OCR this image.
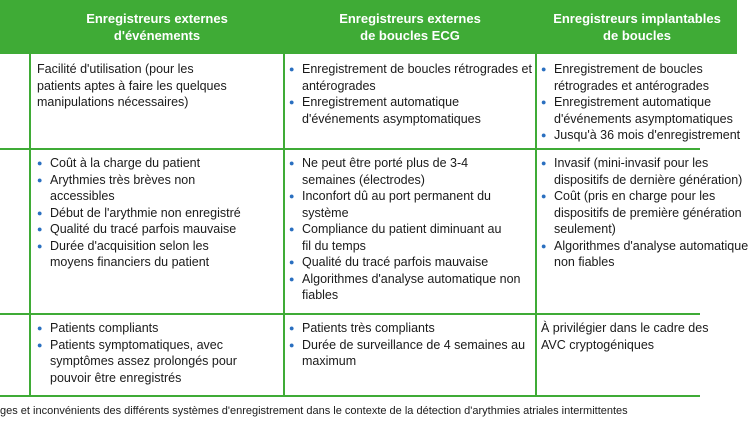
Enregistreurs externes
d'événements
Enregistreurs externes
de boucles ECG
Enregistreurs implantables
de boucles

Facilité d'utilisation (pour les patients aptes à faire les quelques manipulations nécessaires)

● Enregistrement de boucles rétrogrades et antérogrades
● Enregistrement automatique d'événements asymptomatiques
● Enregistrement de boucles rétrogrades et antérogrades
● Enregistrement automatique d'événements asymptomatiques
● Jusqu'à 36 mois d'enregistrement
● Coût à la charge du patient
● Arythmies très brèves non accessibles
● Début de l'arythmie non enregistré
● Qualité du tracé parfois mauvaise
● Durée d'acquisition selon les moyens financiers du patient
● Ne peut être porté plus de 3-4 semaines (électrodes)
● Inconfort dû au port permanent du système
● Compliance du patient diminuant au fil du temps
● Qualité du tracé parfois mauvaise
● Algorithmes d'analyse automatique non fiables
● Invasif (mini-invasif pour les dispositifs de dernière génération)
● Coût (pris en charge pour les dispositifs de première génération seulement)
● Algorithmes d'analyse automatique non fiables
● Patients compliants
● Patients symptomatiques, avec symptômes assez prolongés pour pouvoir être enregistrés
● Patients très compliants
● Durée de surveillance de 4 semaines au maximum

À privilégier dans le cadre des AVC cryptogéniques

ges et inconvénients des différents systèmes d'enregistrement dans le contexte de la détection d'arythmies atriales intermittentes
